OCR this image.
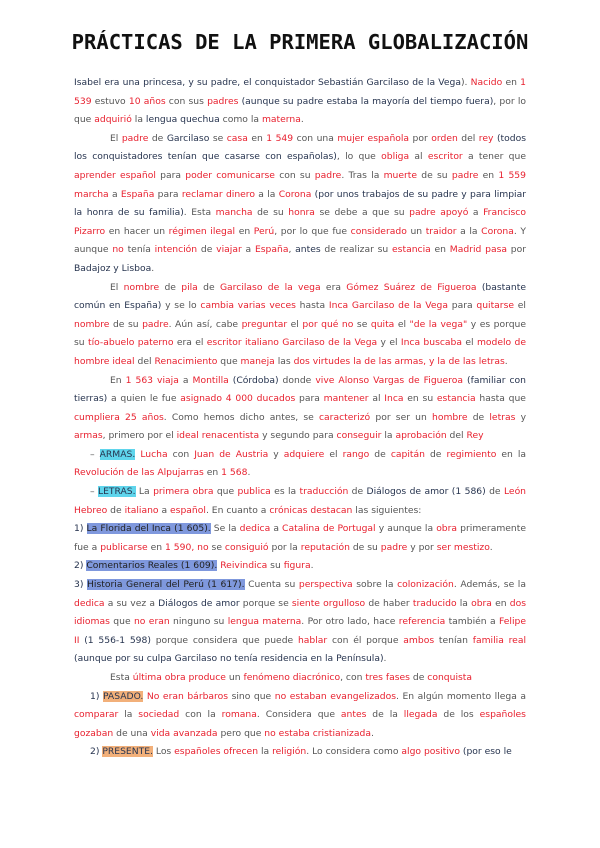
PRÁCTICAS DE LA PRIMERA GLOBALIZACIÓN

Isabel era una princesa, y su padre, el conquistador Sebastián Garcilaso de la Vega). Nacido en 1 539 estuvo 10 años con sus padres (aunque su padre estaba la mayoría del tiempo fuera), por lo que adquirió la lengua quechua como la materna.

El padre de Garcilaso se casa en 1 549 con una mujer española por orden del rey (todos los conquistadores tenían que casarse con españolas), lo que obliga al escritor a tener que aprender español para poder comunicarse con su padre. Tras la muerte de su padre en 1 559 marcha a España para reclamar dinero a la Corona (por unos trabajos de su padre y para limpiar la honra de su familia). Esta mancha de su honra se debe a que su padre apoyó a Francisco Pizarro en hacer un régimen ilegal en Perú, por lo que fue considerado un traidor a la Corona. Y aunque no tenía intención de viajar a España, antes de realizar su estancia en Madrid pasa por Badajoz y Lisboa.

El nombre de pila de Garcilaso de la vega era Gómez Suárez de Figueroa (bastante común en España) y se lo cambia varias veces hasta Inca Garcilaso de la Vega para quitarse el nombre de su padre. Aún así, cabe preguntar el por qué no se quita el "de la vega" y es porque su tío-abuelo paterno era el escritor italiano Garcilaso de la Vega y el Inca buscaba el modelo de hombre ideal del Renacimiento que maneja las dos virtudes la de las armas, y la de las letras.

En 1 563 viaja a Montilla (Córdoba) donde vive Alonso Vargas de Figueroa (familiar con tierras) a quien le fue asignado 4 000 ducados para mantener al Inca en su estancia hasta que cumpliera 25 años. Como hemos dicho antes, se caracterizó por ser un hombre de letras y armas, primero por el ideal renacentista y segundo para conseguir la aprobación del Rey

– ARMAS. Lucha con Juan de Austria y adquiere el rango de capitán de regimiento en la Revolución de las Alpujarras en 1 568.

– LETRAS. La primera obra que publica es la traducción de Diálogos de amor (1 586) de León Hebreo de italiano a español. En cuanto a crónicas destacan las siguientes:

1) La Florida del Inca (1 605). Se la dedica a Catalina de Portugal y aunque la obra primeramente fue a publicarse en 1 590, no se consiguió por la reputación de su padre y por ser mestizo.

2) Comentarios Reales (1 609). Reivindica su figura.

3) Historia General del Perú (1 617). Cuenta su perspectiva sobre la colonización. Además, se la dedica a su vez a Diálogos de amor porque se siente orgulloso de haber traducido la obra en dos idiomas que no eran ninguno su lengua materna. Por otro lado, hace referencia también a Felipe II (1 556-1 598) porque considera que puede hablar con él porque ambos tenían familia real (aunque por su culpa Garcilaso no tenía residencia en la Península).

Esta última obra produce un fenómeno diacrónico, con tres fases de conquista

1) PASADO. No eran bárbaros sino que no estaban evangelizados. En algún momento llega a comparar la sociedad con la romana. Considera que antes de la llegada de los españoles gozaban de una vida avanzada pero que no estaba cristianizada.

2) PRESENTE. Los españoles ofrecen la religión. Lo considera como algo positivo (por eso le
